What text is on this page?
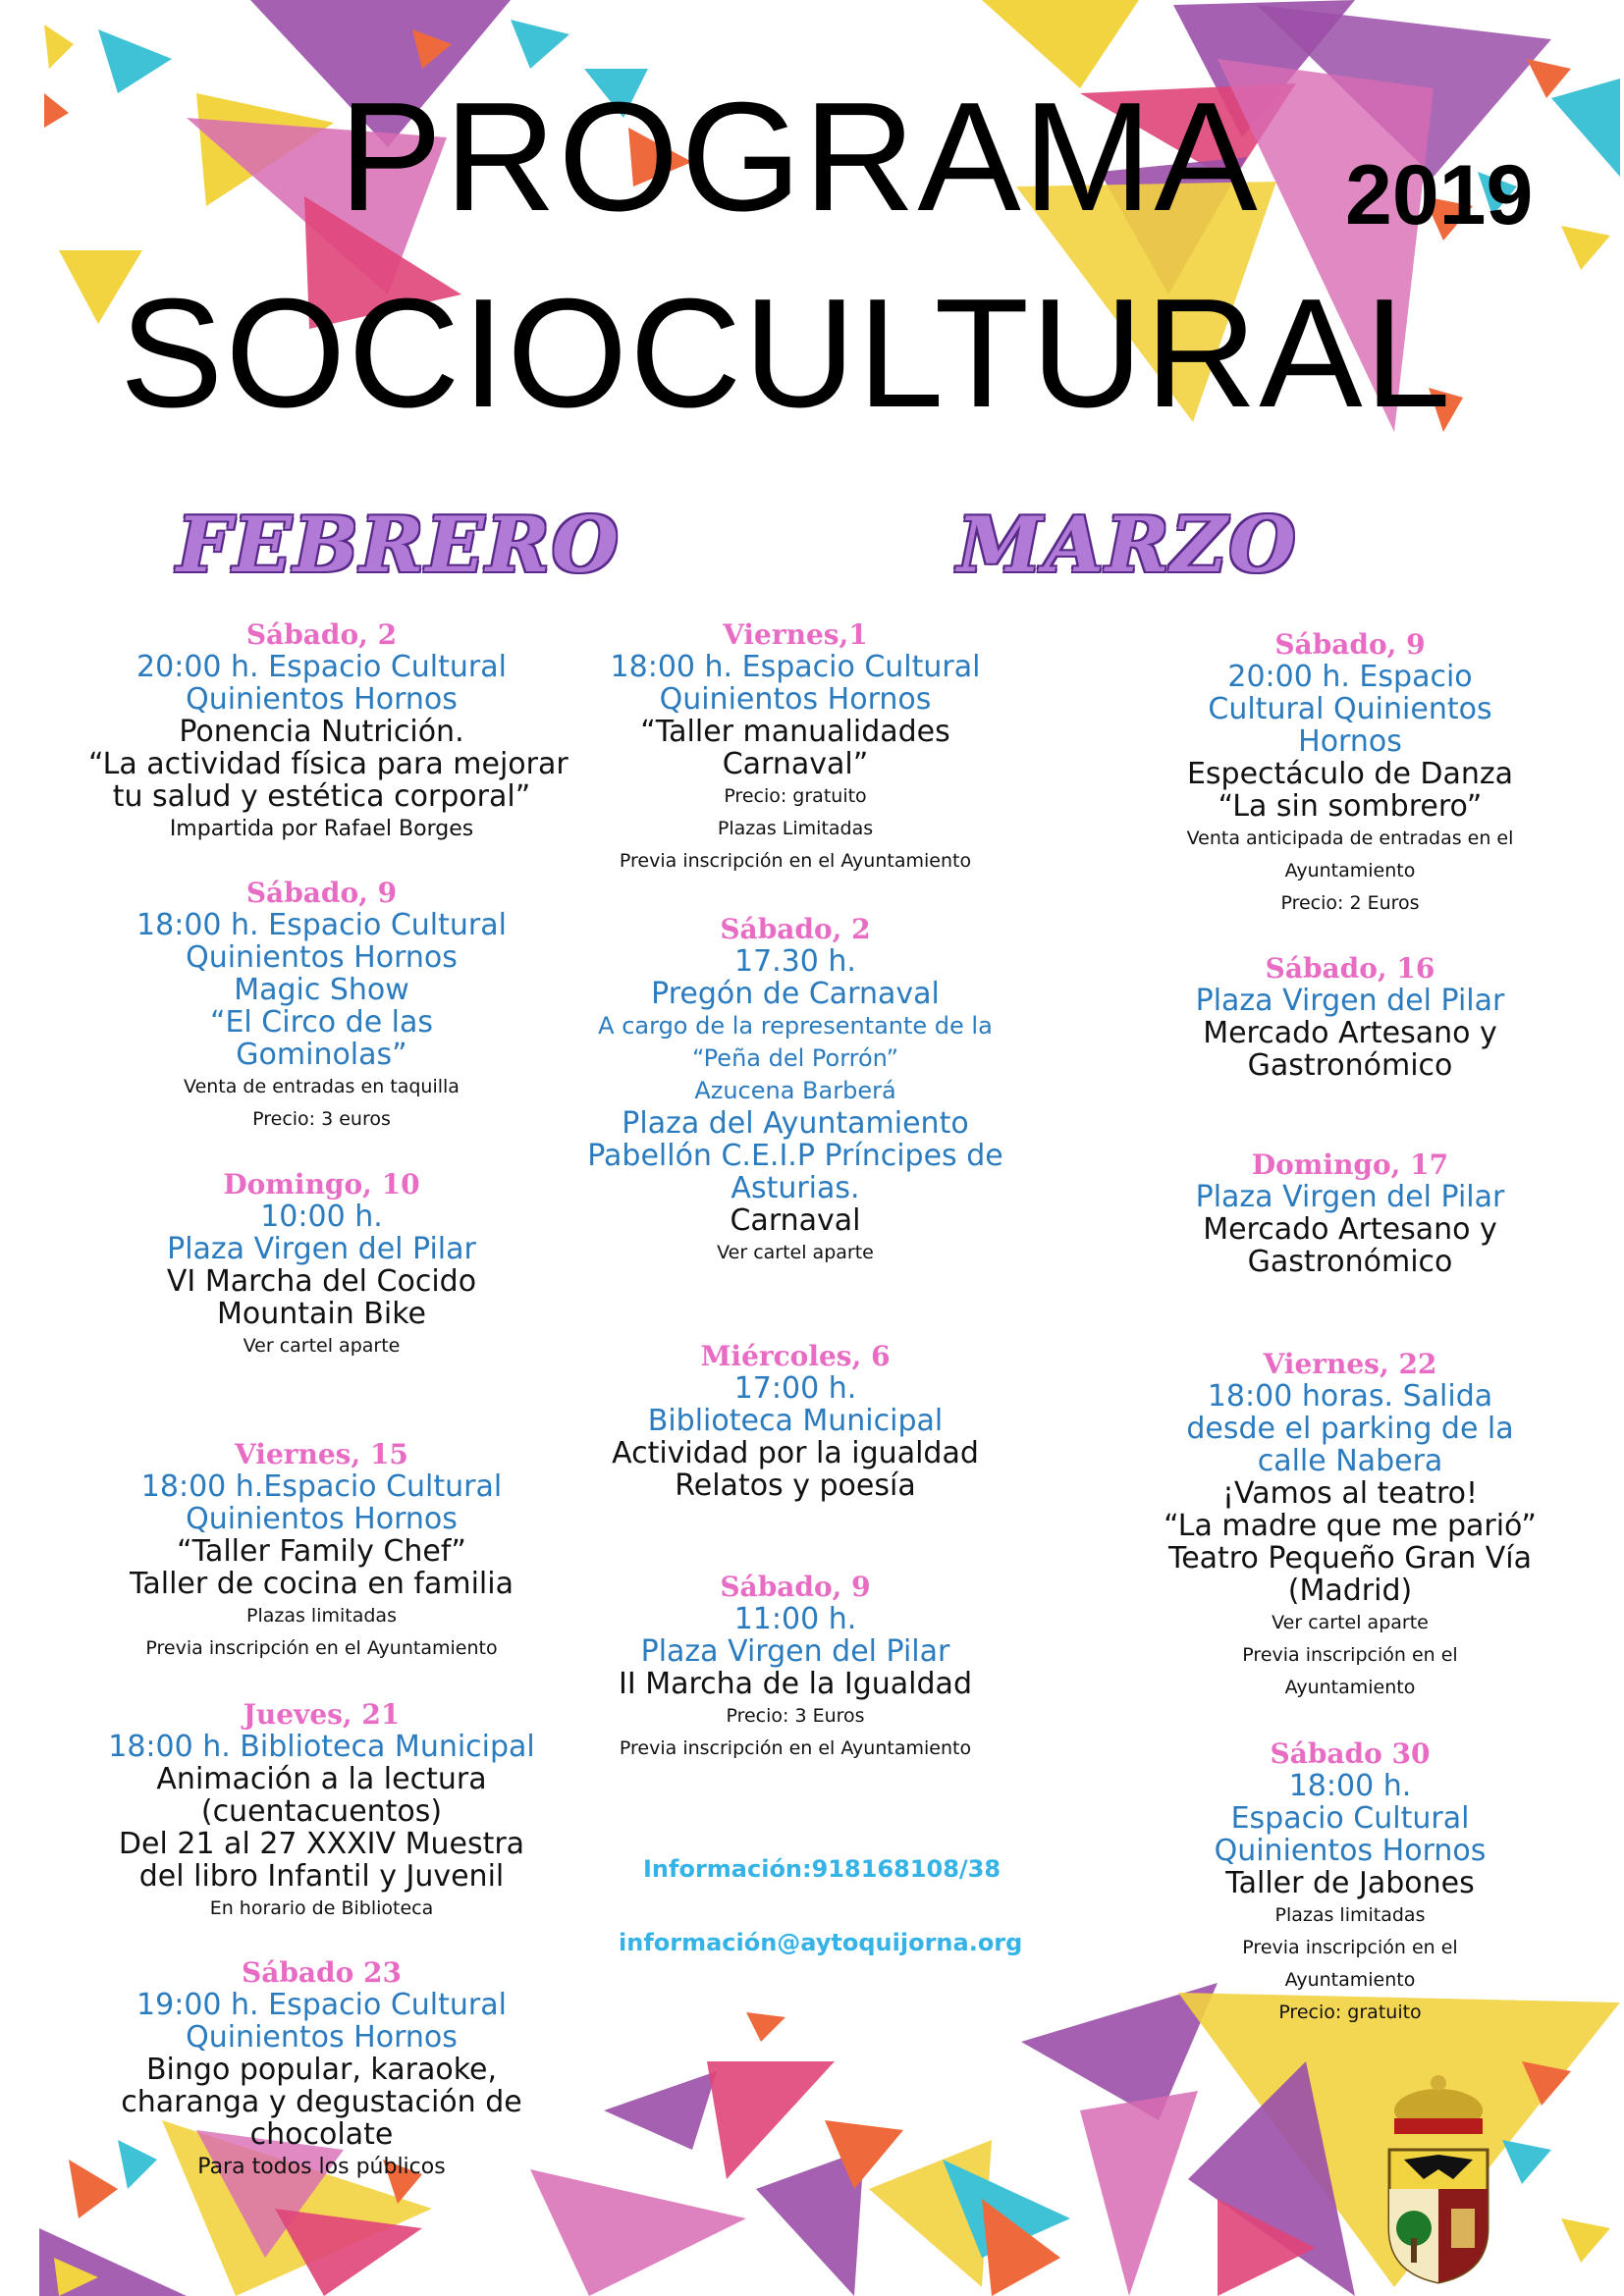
PROGRAMA
SOCIOCULTURAL
2019
FEBRERO	MARZO
Sábado, 2
20:00 h. Espacio Cultural
Quinientos Hornos
Ponencia Nutrición.
“La actividad física para mejorar
tu salud y estética corporal”
Impartida por Rafael Borges
Sábado, 9
18:00 h. Espacio Cultural
Quinientos Hornos
Magic Show
“El Circo de las
Gominolas”
Venta de entradas en taquilla
Precio: 3 euros
Domingo, 10
10:00 h.
Plaza Virgen del Pilar
VI Marcha del Cocido
Mountain Bike
Ver cartel aparte
Viernes, 15
18:00 h.Espacio Cultural
Quinientos Hornos
“Taller Family Chef”
Taller de cocina en familia
Plazas limitadas
Previa inscripción en el Ayuntamiento
Jueves, 21
18:00 h. Biblioteca Municipal
Animación a la lectura
(cuentacuentos)
Del 21 al 27 XXXIV Muestra
del libro Infantil y Juvenil
En horario de Biblioteca
Sábado 23
19:00 h. Espacio Cultural
Quinientos Hornos
Bingo popular, karaoke,
charanga y degustación de
chocolate
Para todos los públicos
Viernes,1
18:00 h. Espacio Cultural
Quinientos Hornos
“Taller manualidades
Carnaval”
Precio: gratuito
Plazas Limitadas
Previa inscripción en el Ayuntamiento
Sábado, 2
17.30 h.
Pregón de Carnaval
A cargo de la representante de la
“Peña del Porrón”
Azucena Barberá
Plaza del Ayuntamiento
Pabellón C.E.I.P Príncipes de
Asturias.
Carnaval
Ver cartel aparte
Miércoles, 6
17:00 h.
Biblioteca Municipal
Actividad por la igualdad
Relatos y poesía
Sábado, 9
11:00 h.
Plaza Virgen del Pilar
II Marcha de la Igualdad
Precio: 3 Euros
Previa inscripción en el Ayuntamiento
Sábado, 9
20:00 h. Espacio
Cultural Quinientos
Hornos
Espectáculo de Danza
“La sin sombrero”
Venta anticipada de entradas en el
Ayuntamiento
Precio: 2 Euros
Sábado, 16
Plaza Virgen del Pilar
Mercado Artesano y
Gastronómico
Domingo, 17
Plaza Virgen del Pilar
Mercado Artesano y
Gastronómico
Viernes, 22
18:00 horas. Salida
desde el parking de la
calle Nabera
¡Vamos al teatro!
“La madre que me parió”
Teatro Pequeño Gran Vía
(Madrid)
Ver cartel aparte
Previa inscripción en el
Ayuntamiento
Sábado 30
18:00 h.
Espacio Cultural
Quinientos Hornos
Taller de Jabones
Plazas limitadas
Previa inscripción en el
Ayuntamiento
Precio: gratuito
Información:918168108/38
información@aytoquijorna.org
